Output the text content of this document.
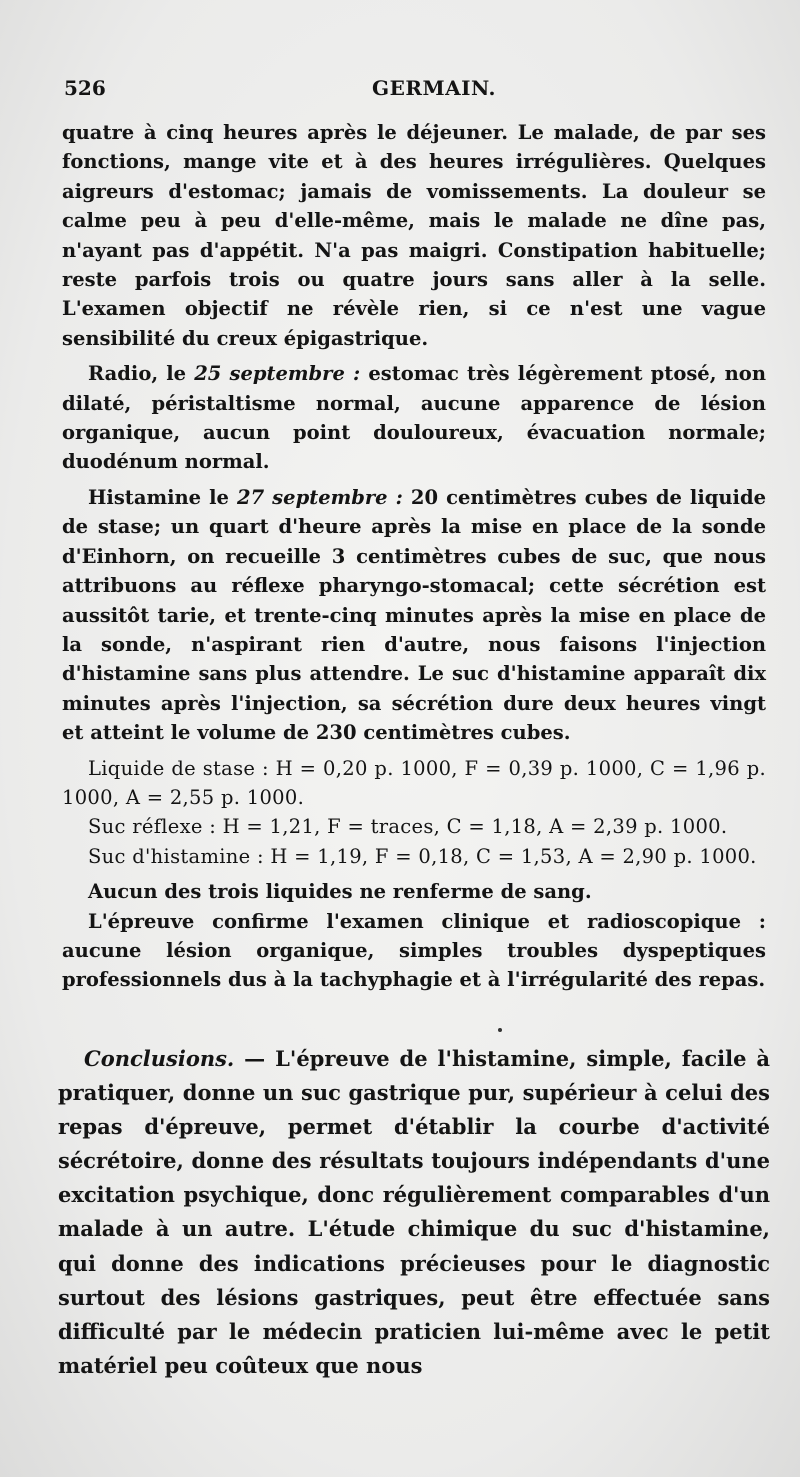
526	GERMAIN.

quatre à cinq heures après le déjeuner. Le malade, de par ses fonctions, mange vite et à des heures irrégulières. Quelques aigreurs d'estomac; jamais de vomissements. La douleur se calme peu à peu d'elle-même, mais le malade ne dîne pas, n'ayant pas d'appétit. N'a pas maigri. Constipation habituelle; reste parfois trois ou quatre jours sans aller à la selle. L'examen objectif ne révèle rien, si ce n'est une vague sensibilité du creux épigastrique.

Radio, le 25 septembre : estomac très légèrement ptosé, non dilaté, péristaltisme normal, aucune apparence de lésion organique, aucun point douloureux, évacuation normale; duodénum normal.

Histamine le 27 septembre : 20 centimètres cubes de liquide de stase; un quart d'heure après la mise en place de la sonde d'Einhorn, on recueille 3 centimètres cubes de suc, que nous attribuons au réflexe pharyngo-stomacal; cette sécrétion est aussitôt tarie, et trente-cinq minutes après la mise en place de la sonde, n'aspirant rien d'autre, nous faisons l'injection d'histamine sans plus attendre. Le suc d'histamine apparaît dix minutes après l'injection, sa sécrétion dure deux heures vingt et atteint le volume de 230 centimètres cubes.

Liquide de stase : H = 0,20 p. 1000, F = 0,39 p. 1000, C = 1,96 p. 1000, A = 2,55 p. 1000.

Suc réflexe : H = 1,21, F = traces, C = 1,18, A = 2,39 p. 1000.

Suc d'histamine : H = 1,19, F = 0,18, C = 1,53, A = 2,90 p. 1000.

Aucun des trois liquides ne renferme de sang.

L'épreuve confirme l'examen clinique et radioscopique : aucune lésion organique, simples troubles dyspeptiques professionnels dus à la tachyphagie et à l'irrégularité des repas.

Conclusions. — L'épreuve de l'histamine, simple, facile à pratiquer, donne un suc gastrique pur, supérieur à celui des repas d'épreuve, permet d'établir la courbe d'activité sécrétoire, donne des résultats toujours indépendants d'une excitation psychique, donc régulièrement comparables d'un malade à un autre. L'étude chimique du suc d'histamine, qui donne des indications précieuses pour le diagnostic surtout des lésions gastriques, peut être effectuée sans difficulté par le médecin praticien lui-même avec le petit matériel peu coûteux que nous
